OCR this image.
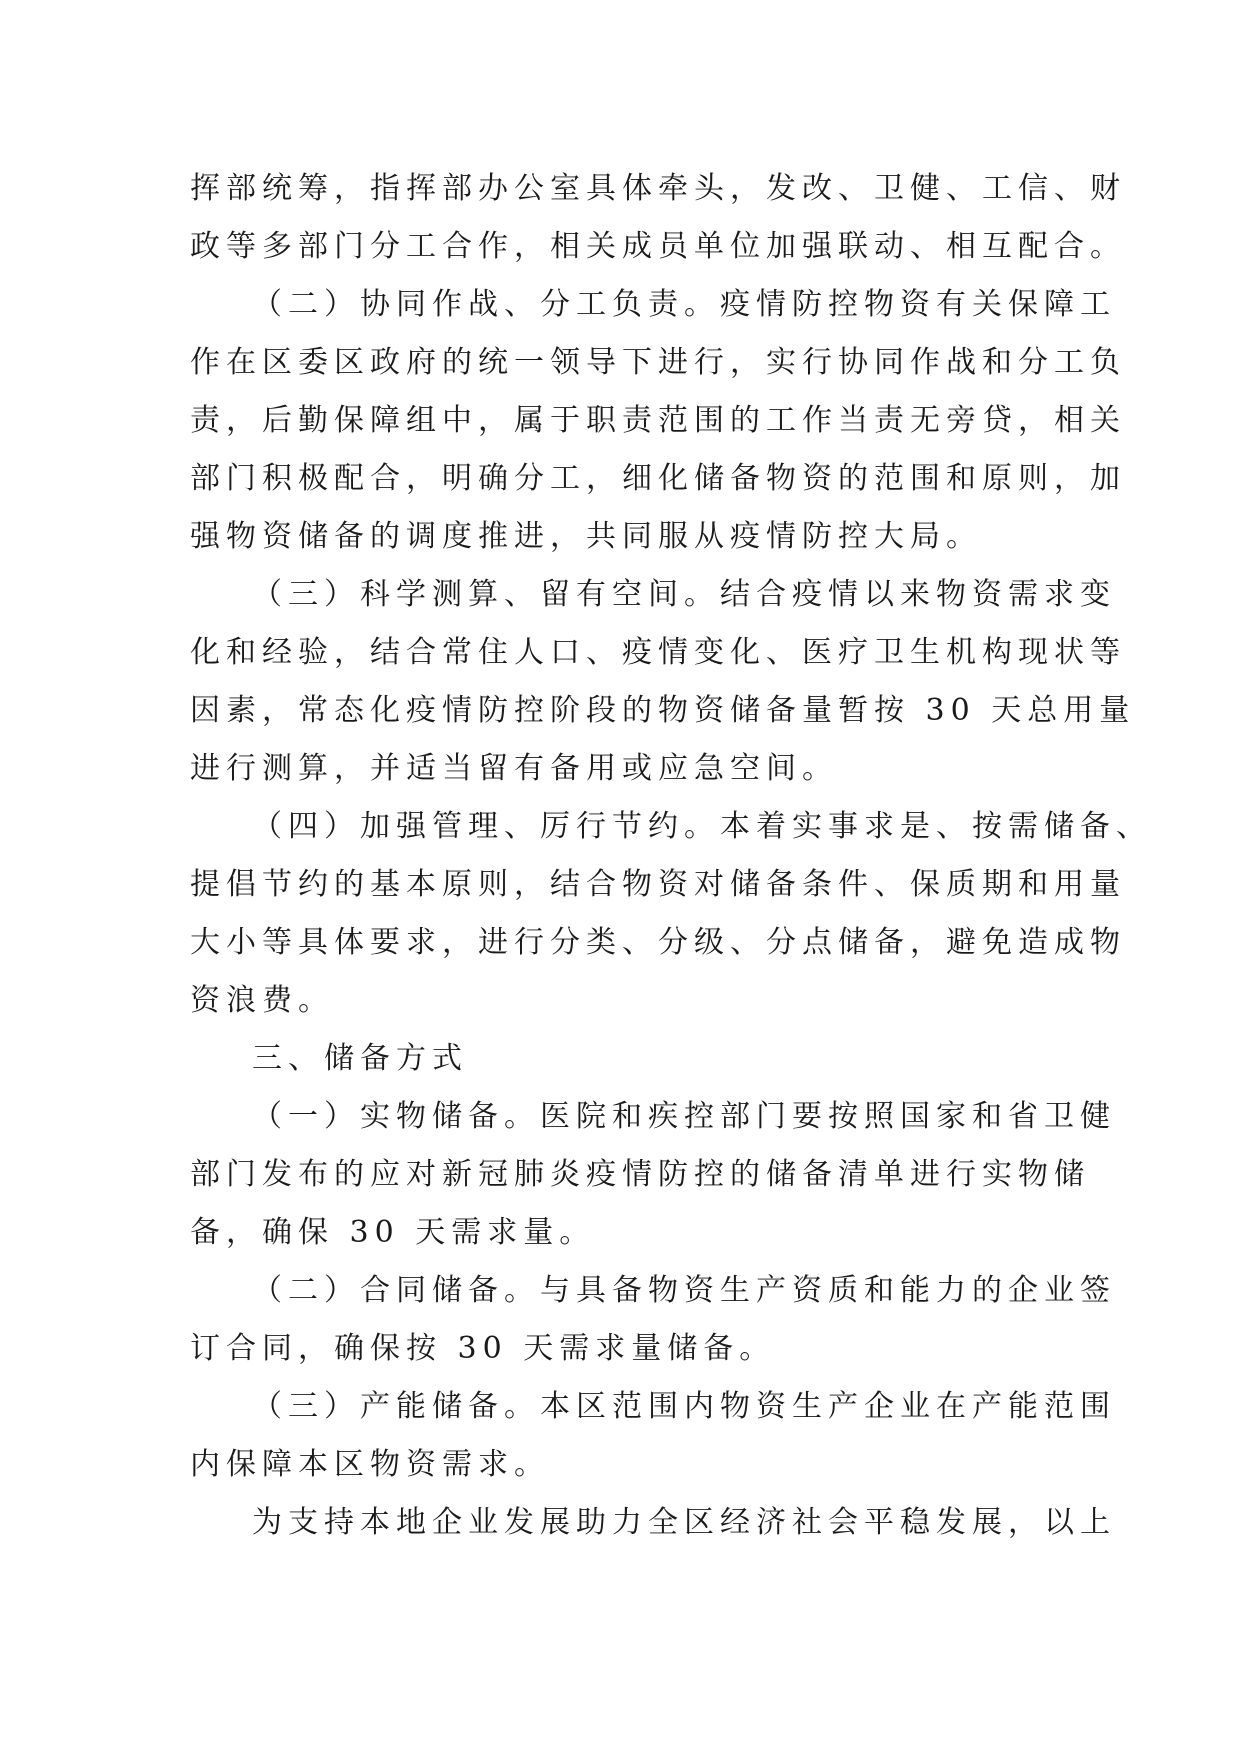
挥部统筹，指挥部办公室具体牵头，发改、卫健、工信、财
政等多部门分工合作，相关成员单位加强联动、相互配合。
（二）协同作战、分工负责。疫情防控物资有关保障工
作在区委区政府的统一领导下进行，实行协同作战和分工负
责，后勤保障组中，属于职责范围的工作当责无旁贷，相关
部门积极配合，明确分工，细化储备物资的范围和原则，加
强物资储备的调度推进，共同服从疫情防控大局。
（三）科学测算、留有空间。结合疫情以来物资需求变
化和经验，结合常住人口、疫情变化、医疗卫生机构现状等
因素，常态化疫情防控阶段的物资储备量暂按 30 天总用量
进行测算，并适当留有备用或应急空间。
（四）加强管理、厉行节约。本着实事求是、按需储备、
提倡节约的基本原则，结合物资对储备条件、保质期和用量
大小等具体要求，进行分类、分级、分点储备，避免造成物
资浪费。
三、储备方式
（一）实物储备。医院和疾控部门要按照国家和省卫健
部门发布的应对新冠肺炎疫情防控的储备清单进行实物储
备，确保 30 天需求量。
（二）合同储备。与具备物资生产资质和能力的企业签
订合同，确保按 30 天需求量储备。
（三）产能储备。本区范围内物资生产企业在产能范围
内保障本区物资需求。
为支持本地企业发展助力全区经济社会平稳发展，以上
